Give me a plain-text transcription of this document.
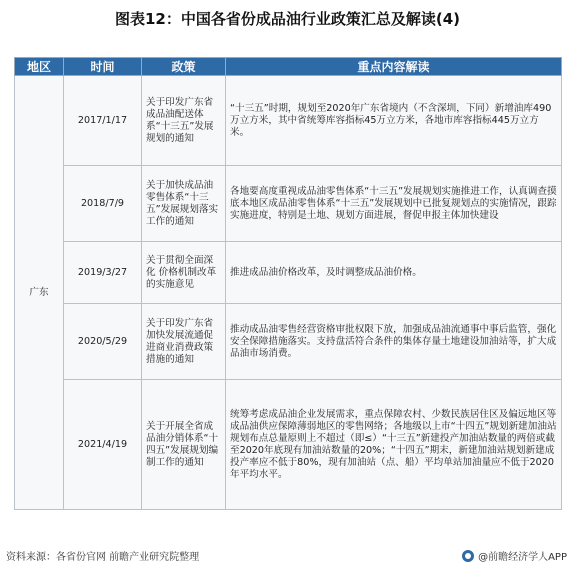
图表12：中国各省份成品油行业政策汇总及解读(4)
地区	时间	政策	重点内容解读
广东	2017/1/17	关于印发广东省成品油配送体系“十三五”发展规划的通知	“十三五”时期，规划至2020年广东省境内（不含深圳，下同）新增油库490万立方米，其中省统筹库容指标45万立方米，各地市库容指标445万立方米。
	2018/7/9	关于加快成品油零售体系“十三五”发展规划落实工作的通知	各地要高度重视成品油零售体系“十三五”发展规划实施推进工作，认真调查摸底本地区成品油零售体系“十三五”发展规划中已批复规划点的实施情况，跟踪实施进度，特别是土地、规划方面进展，督促申报主体加快建设
	2019/3/27	关于贯彻全面深化 价格机制改革的实施意见	推进成品油价格改革，及时调整成品油价格。
	2020/5/29	关于印发广东省加快发展流通促进商业消费政策措施的通知	推动成品油零售经营资格审批权限下放，加强成品油流通事中事后监管，强化安全保障措施落实。支持盘活符合条件的集体存量土地建设加油站等，扩大成品油市场消费。
	2021/4/19	关于开展全省成品油分销体系“十四五”发展规划编制工作的通知	统筹考虑成品油企业发展需求，重点保障农村、少数民族居住区及偏远地区等成品油供应保障薄弱地区的零售网络；各地级以上市“十四五”规划新建加油站规划布点总量原则上不超过（即≤）“十三五”新建投产加油站数量的两倍或截至2020年底现有加油站数量的20%；“十四五”期末，新建加油站规划新建成投产率应不低于80%，现有加油站（点、船）平均单站加油量应不低于2020年平均水平。
资料来源：各省份官网 前瞻产业研究院整理	@前瞻经济学人APP
